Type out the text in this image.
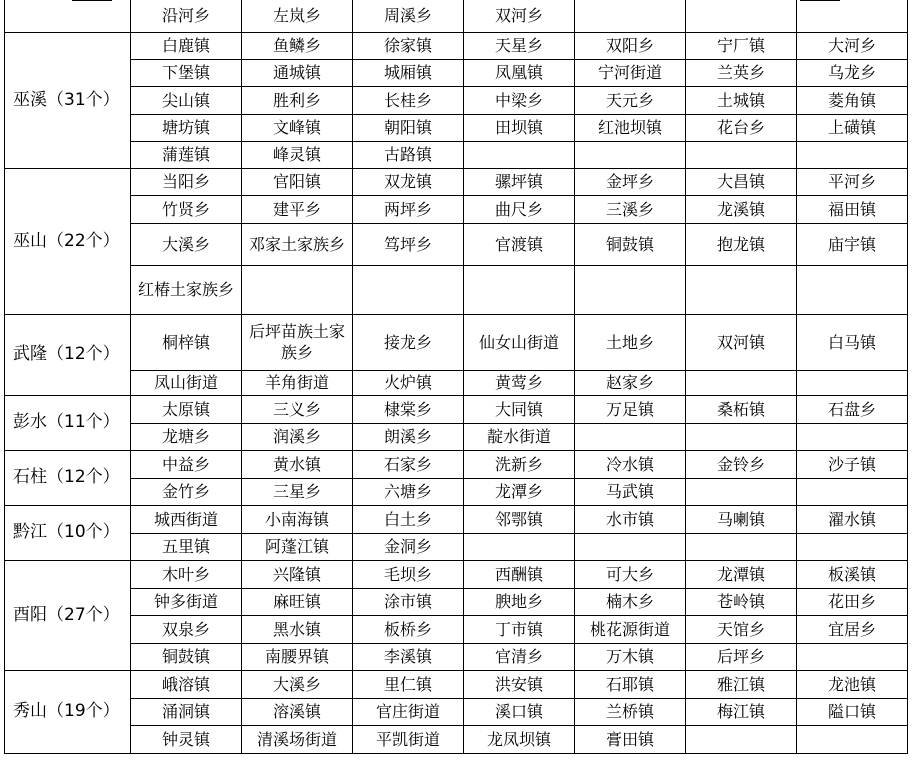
	沿河乡	左岚乡	周溪乡	双河乡			
巫溪（31个）	白鹿镇	鱼鳞乡	徐家镇	天星乡	双阳乡	宁厂镇	大河乡
	下堡镇	通城镇	城厢镇	凤凰镇	宁河街道	兰英乡	乌龙乡
	尖山镇	胜利乡	长桂乡	中梁乡	天元乡	土城镇	菱角镇
	塘坊镇	文峰镇	朝阳镇	田坝镇	红池坝镇	花台乡	上磺镇
	蒲莲镇	峰灵镇	古路镇				
巫山（22个）	当阳乡	官阳镇	双龙镇	骡坪镇	金坪乡	大昌镇	平河乡
	竹贤乡	建平乡	两坪乡	曲尺乡	三溪乡	龙溪镇	福田镇
	大溪乡	邓家土家族乡	笃坪乡	官渡镇	铜鼓镇	抱龙镇	庙宇镇
	红椿土家族乡						
武隆（12个）	桐梓镇	后坪苗族土家族乡	接龙乡	仙女山街道	土地乡	双河镇	白马镇
	凤山街道	羊角街道	火炉镇	黄莺乡	赵家乡		
彭水（11个）	太原镇	三义乡	棣棠乡	大同镇	万足镇	桑柘镇	石盘乡
	龙塘乡	润溪乡	朗溪乡	靛水街道			
石柱（12个）	中益乡	黄水镇	石家乡	洗新乡	冷水镇	金铃乡	沙子镇
	金竹乡	三星乡	六塘乡	龙潭乡	马武镇		
黔江（10个）	城西街道	小南海镇	白土乡	邻鄂镇	水市镇	马喇镇	濯水镇
	五里镇	阿蓬江镇	金洞乡				
酉阳（27个）	木叶乡	兴隆镇	毛坝乡	西酬镇	可大乡	龙潭镇	板溪镇
	钟多街道	麻旺镇	涂市镇	腴地乡	楠木乡	苍岭镇	花田乡
	双泉乡	黑水镇	板桥乡	丁市镇	桃花源街道	天馆乡	宜居乡
	铜鼓镇	南腰界镇	李溪镇	官清乡	万木镇	后坪乡	
秀山（19个）	峨溶镇	大溪乡	里仁镇	洪安镇	石耶镇	雅江镇	龙池镇
	涌洞镇	溶溪镇	官庄街道	溪口镇	兰桥镇	梅江镇	隘口镇
	钟灵镇	清溪场街道	平凯街道	龙凤坝镇	膏田镇		
